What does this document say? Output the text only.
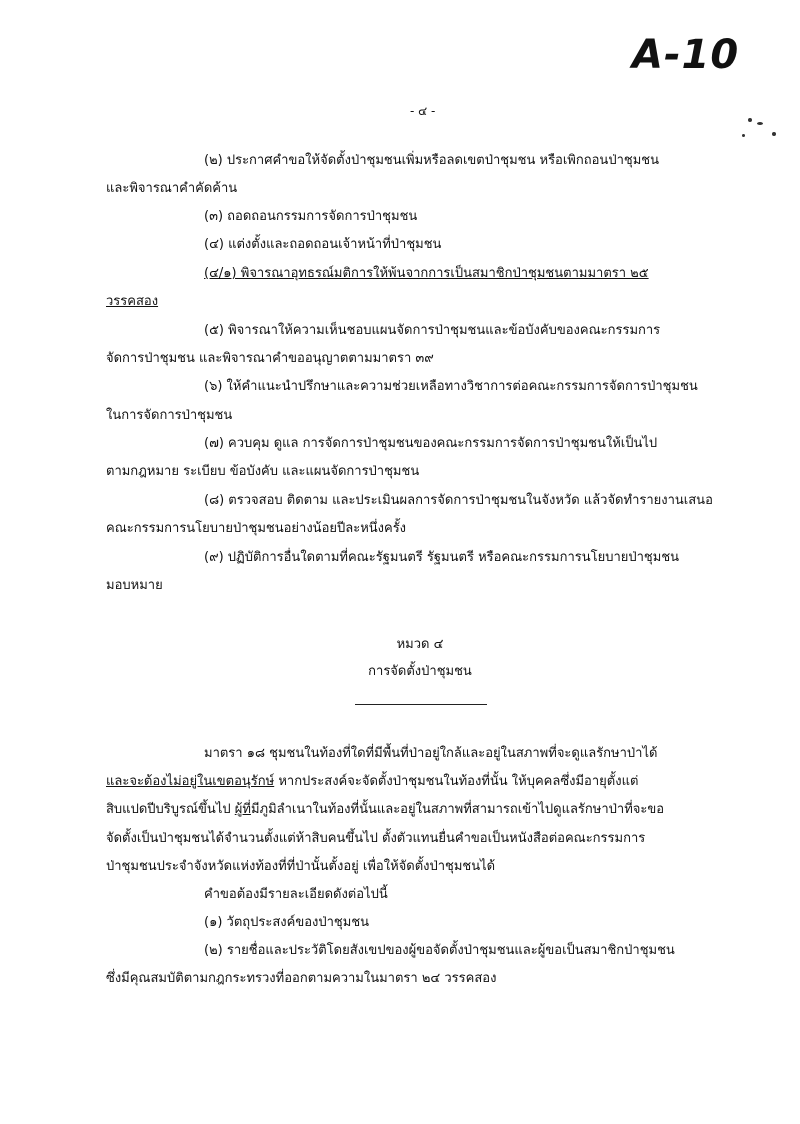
A-10
- ๔ -
(๒) ประกาศคำขอให้จัดตั้งป่าชุมชนเพิ่มหรือลดเขตป่าชุมชน หรือเพิกถอนป่าชุมชน
และพิจารณาคำคัดค้าน
(๓) ถอดถอนกรรมการจัดการป่าชุมชน
(๔) แต่งตั้งและถอดถอนเจ้าหน้าที่ป่าชุมชน
(๔/๑) พิจารณาอุทธรณ์มติการให้พ้นจากการเป็นสมาชิกป่าชุมชนตามมาตรา ๒๕
วรรคสอง
(๕) พิจารณาให้ความเห็นชอบแผนจัดการป่าชุมชนและข้อบังคับของคณะกรรมการ
จัดการป่าชุมชน และพิจารณาคำขออนุญาตตามมาตรา ๓๙
(๖) ให้คำแนะนำปรึกษาและความช่วยเหลือทางวิชาการต่อคณะกรรมการจัดการป่าชุมชน
ในการจัดการป่าชุมชน
(๗) ควบคุม ดูแล การจัดการป่าชุมชนของคณะกรรมการจัดการป่าชุมชนให้เป็นไป
ตามกฎหมาย ระเบียบ ข้อบังคับ และแผนจัดการป่าชุมชน
(๘) ตรวจสอบ ติดตาม และประเมินผลการจัดการป่าชุมชนในจังหวัด แล้วจัดทำรายงานเสนอ
คณะกรรมการนโยบายป่าชุมชนอย่างน้อยปีละหนึ่งครั้ง
(๙) ปฏิบัติการอื่นใดตามที่คณะรัฐมนตรี รัฐมนตรี หรือคณะกรรมการนโยบายป่าชุมชน
มอบหมาย
หมวด ๔
การจัดตั้งป่าชุมชน
มาตรา ๑๘ ชุมชนในท้องที่ใดที่มีพื้นที่ป่าอยู่ใกล้และอยู่ในสภาพที่จะดูแลรักษาป่าได้
และจะต้องไม่อยู่ในเขตอนุรักษ์ หากประสงค์จะจัดตั้งป่าชุมชนในท้องที่นั้น ให้บุคคลซึ่งมีอายุตั้งแต่
สิบแปดปีบริบูรณ์ขึ้นไป ผู้ที่มีภูมิลำเนาในท้องที่นั้นและอยู่ในสภาพที่สามารถเข้าไปดูแลรักษาป่าที่จะขอ
จัดตั้งเป็นป่าชุมชนได้จำนวนตั้งแต่ห้าสิบคนขึ้นไป ตั้งตัวแทนยื่นคำขอเป็นหนังสือต่อคณะกรรมการ
ป่าชุมชนประจำจังหวัดแห่งท้องที่ที่ป่านั้นตั้งอยู่ เพื่อให้จัดตั้งป่าชุมชนได้
คำขอต้องมีรายละเอียดดังต่อไปนี้
(๑) วัตถุประสงค์ของป่าชุมชน
(๒) รายชื่อและประวัติโดยสังเขปของผู้ขอจัดตั้งป่าชุมชนและผู้ขอเป็นสมาชิกป่าชุมชน
ซึ่งมีคุณสมบัติตามกฎกระทรวงที่ออกตามความในมาตรา ๒๔ วรรคสอง
